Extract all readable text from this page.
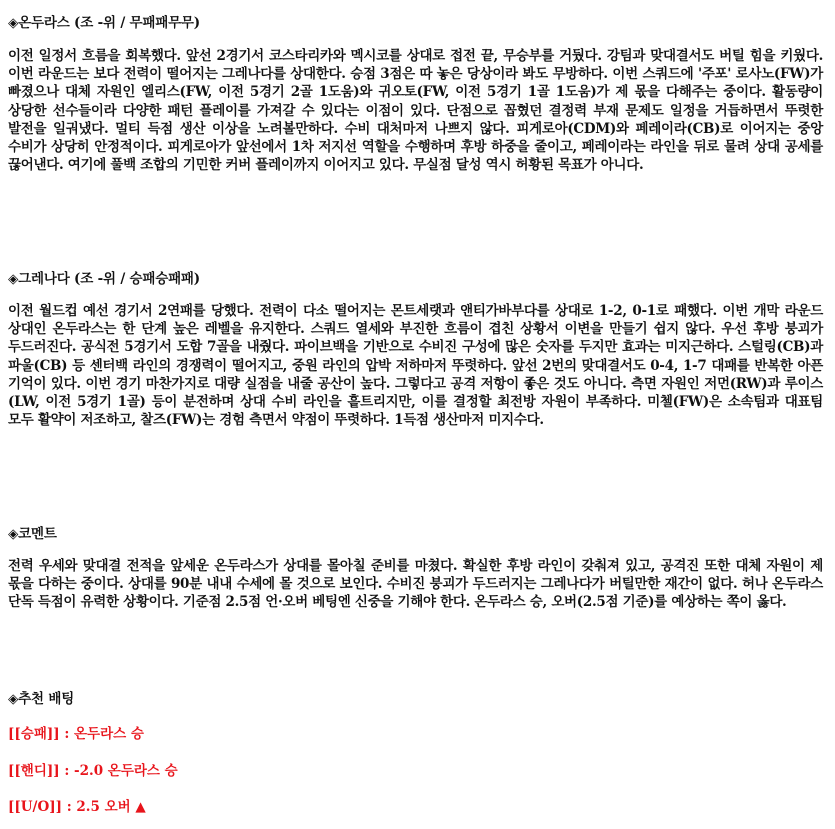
◈온두라스 (조 -위 / 무패패무무)
이전 일정서 흐름을 회복했다. 앞선 2경기서 코스타리카와 멕시코를 상대로 접전 끝, 무승부를 거뒀다. 강팀과 맞대결서도 버틸 힘을 키웠다. 이번 라운드는 보다 전력이 떨어지는 그레나다를 상대한다. 승점 3점은 따 놓은 당상이라 봐도 무방하다. 이번 스쿼드에 '주포' 로사노(FW)가 빠졌으나 대체 자원인 엘리스(FW, 이전 5경기 2골 1도움)와 귀오토(FW, 이전 5경기 1골 1도움)가 제 몫을 다해주는 중이다. 활동량이 상당한 선수들이라 다양한 패턴 플레이를 가져갈 수 있다는 이점이 있다. 단점으로 꼽혔던 결정력 부재 문제도 일정을 거듭하면서 뚜렷한 발전을 일궈냈다. 멀티 득점 생산 이상을 노려볼만하다. 수비 대처마저 나쁘지 않다. 피게로아(CDM)와 페레이라(CB)로 이어지는 중앙 수비가 상당히 안정적이다. 피게로아가 앞선에서 1차 저지선 역할을 수행하며 후방 하중을 줄이고, 페레이라는 라인을 뒤로 물려 상대 공세를 끊어낸다. 여기에 풀백 조합의 기민한 커버 플레이까지 이어지고 있다. 무실점 달성 역시 허황된 목표가 아니다.
◈그레나다 (조 -위 / 승패승패패)
이전 월드컵 예선 경기서 2연패를 당했다. 전력이 다소 떨어지는 몬트세랫과 앤티가바부다를 상대로 1-2, 0-1로 패했다. 이번 개막 라운드 상대인 온두라스는 한 단계 높은 레벨을 유지한다. 스쿼드 열세와 부진한 흐름이 겹친 상황서 이변을 만들기 쉽지 않다. 우선 후방 붕괴가 두드러진다. 공식전 5경기서 도합 7골을 내줬다. 파이브백을 기반으로 수비진 구성에 많은 숫자를 두지만 효과는 미지근하다. 스털링(CB)과 파울(CB) 등 센터백 라인의 경쟁력이 떨어지고, 중원 라인의 압박 저하마저 뚜렷하다. 앞선 2번의 맞대결서도 0-4, 1-7 대패를 반복한 아픈 기억이 있다. 이번 경기 마찬가지로 대량 실점을 내줄 공산이 높다. 그렇다고 공격 저항이 좋은 것도 아니다. 측면 자원인 저먼(RW)과 루이스(LW, 이전 5경기 1골) 등이 분전하며 상대 수비 라인을 흩트리지만, 이를 결정할 최전방 자원이 부족하다. 미첼(FW)은 소속팀과 대표팀 모두 활약이 저조하고, 찰즈(FW)는 경험 측면서 약점이 뚜렷하다. 1득점 생산마저 미지수다.
◈코멘트
전력 우세와 맞대결 전적을 앞세운 온두라스가 상대를 몰아칠 준비를 마쳤다. 확실한 후방 라인이 갖춰져 있고, 공격진 또한 대체 자원이 제 몫을 다하는 중이다. 상대를 90분 내내 수세에 몰 것으로 보인다. 수비진 붕괴가 두드러지는 그레나다가 버틸만한 재간이 없다. 허나 온두라스 단독 득점이 유력한 상황이다. 기준점 2.5점 언·오버 베팅엔 신중을 기해야 한다. 온두라스 승, 오버(2.5점 기준)를 예상하는 쪽이 옳다.
◈추천 배팅
[[승패]] : 온두라스 승
[[핸디]] : -2.0 온두라스 승
[[U/O]] : 2.5 오버 ▲
